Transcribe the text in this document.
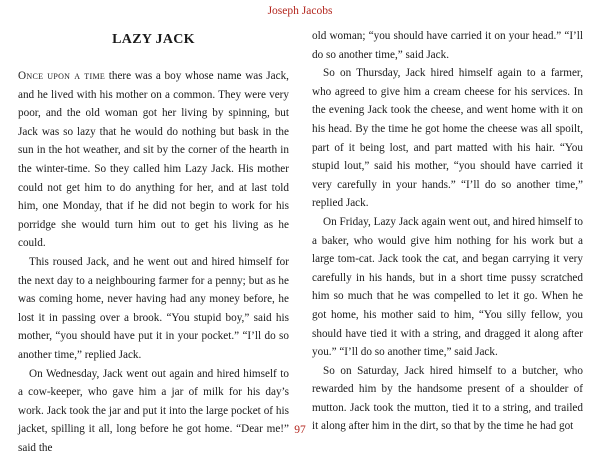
Joseph Jacobs
LAZY JACK

Once upon a time there was a boy whose name was Jack, and he lived with his mother on a common. They were very poor, and the old woman got her living by spinning, but Jack was so lazy that he would do nothing but bask in the sun in the hot weather, and sit by the corner of the hearth in the winter-time. So they called him Lazy Jack. His mother could not get him to do anything for her, and at last told him, one Monday, that if he did not begin to work for his porridge she would turn him out to get his living as he could.

This roused Jack, and he went out and hired himself for the next day to a neighbouring farmer for a penny; but as he was coming home, never having had any money before, he lost it in passing over a brook. “You stupid boy,” said his mother, “you should have put it in your pocket.” “I’ll do so another time,” replied Jack.

On Wednesday, Jack went out again and hired himself to a cow-keeper, who gave him a jar of milk for his day’s work. Jack took the jar and put it into the large pocket of his jacket, spilling it all, long before he got home. “Dear me!” said the

old woman; “you should have carried it on your head.” “I’ll do so another time,” said Jack.

So on Thursday, Jack hired himself again to a farmer, who agreed to give him a cream cheese for his services. In the evening Jack took the cheese, and went home with it on his head. By the time he got home the cheese was all spoilt, part of it being lost, and part matted with his hair. “You stupid lout,” said his mother, “you should have carried it very carefully in your hands.” “I’ll do so another time,” replied Jack.

On Friday, Lazy Jack again went out, and hired himself to a baker, who would give him nothing for his work but a large tom-cat. Jack took the cat, and began carrying it very carefully in his hands, but in a short time pussy scratched him so much that he was compelled to let it go. When he got home, his mother said to him, “You silly fellow, you should have tied it with a string, and dragged it along after you.” “I’ll do so another time,” said Jack.

So on Saturday, Jack hired himself to a butcher, who rewarded him by the handsome present of a shoulder of mutton. Jack took the mutton, tied it to a string, and trailed it along after him in the dirt, so that by the time he had got

97
